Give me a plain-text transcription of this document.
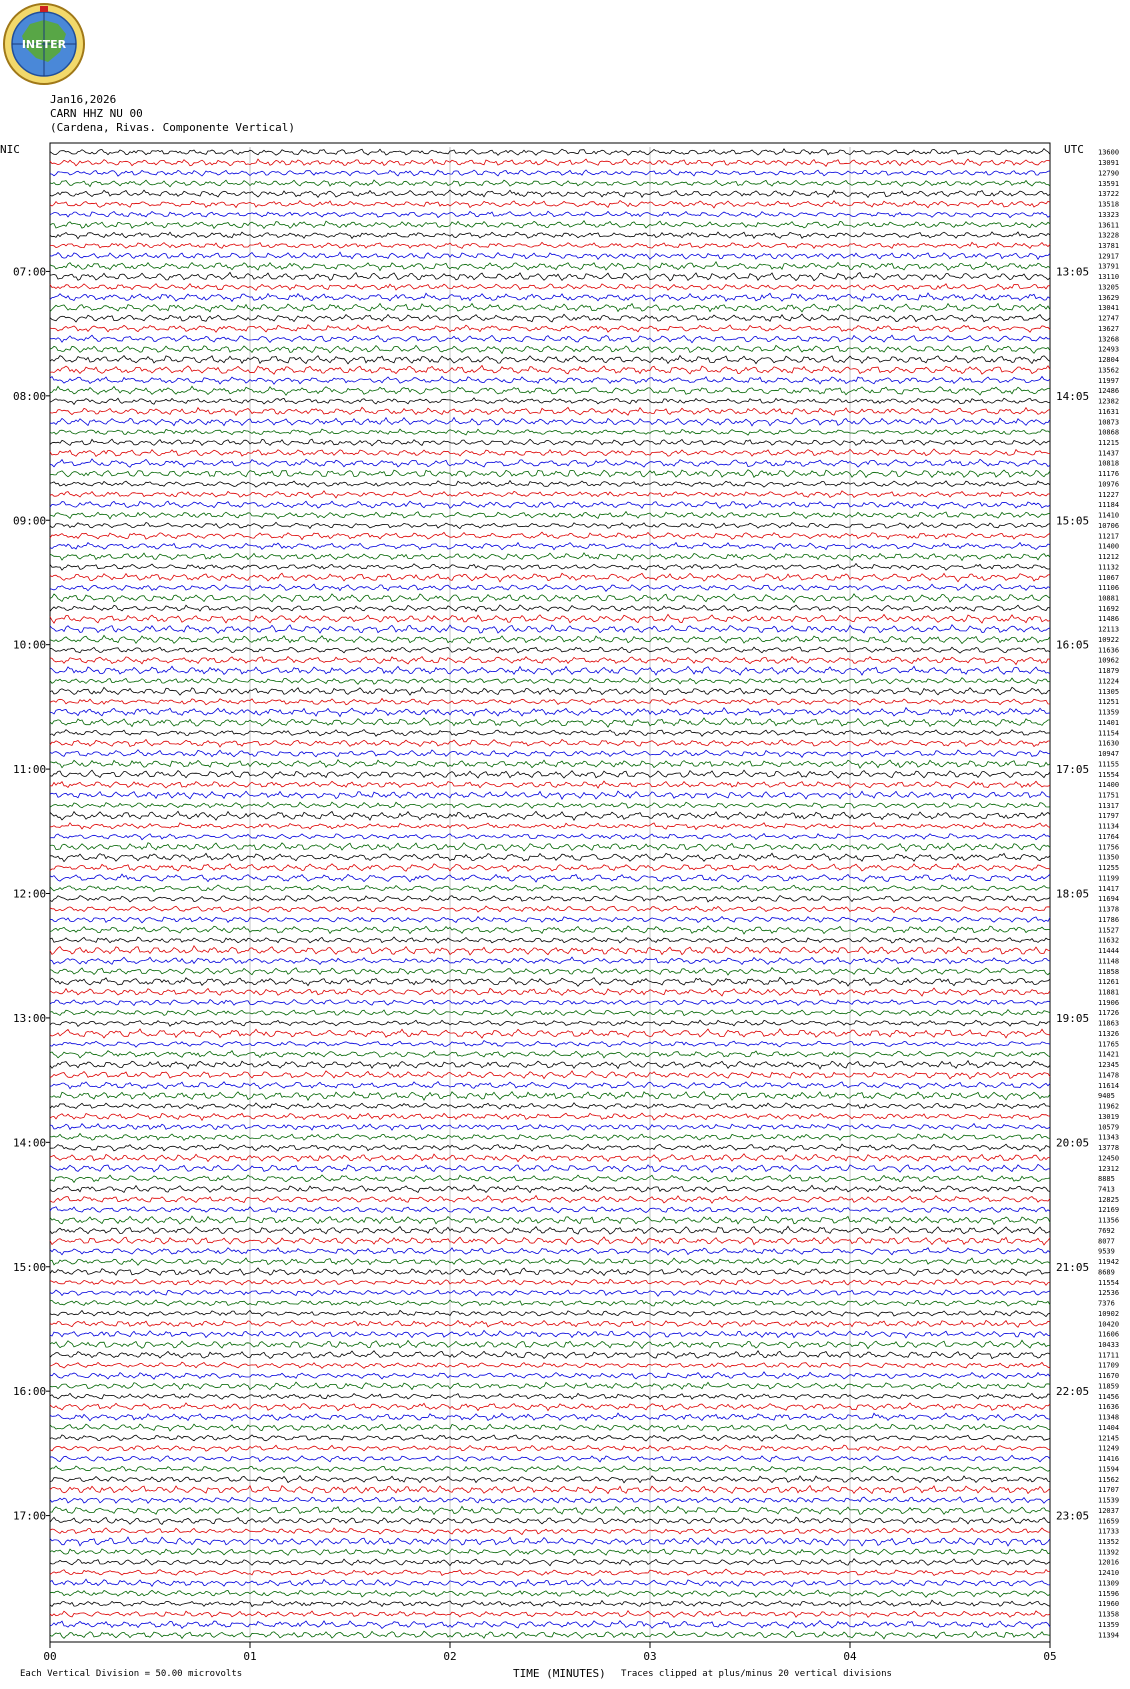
INETER
Jan16,2026
CARN HHZ NU 00
(Cardena, Rivas. Componente Vertical)
00	01	02	03	04	05
13600
13091
12790
13591
13722
13518
13323
13611
13228
13781
12917
13791
13110
13205
13629
13041
12747
13627
13268
12493
12804
13562
11997
12486
12382
11631
10873
10868
11215
11437
10818
11176
10976
11227
11184
11410
10706
11217
11400
11212
11132
11067
11106
10881
11692
11486
12113
10922
11636
10962
11879
11224
11305
11251
11359
11401
11154
11630
10947
11155
11554
11400
11751
11317
11797
11134
11764
11756
11350
11255
11199
11417
11694
11378
11786
11527
11632
11444
11148
11858
11261
11881
11906
11726
11863
11326
11765
11421
12345
11478
11614
9405
11962
13019
10579
11343
13778
12450
12312
8885
7413
12825
12169
11356
7692
8077
9539
11942
8689
11554
12536
7376
10902
10420
11606
10433
11711
11709
11670
11859
11456
11636
11348
11404
12145
11249
11416
11594
11562
11707
11539
12037
11659
11733
11352
11392
12016
12410
11309
11596
11960
11358
11359
11394
NIC	UTC
07:00
08:00
09:00
10:00
11:00
12:00
13:00
14:00
15:00
16:00
17:00
13:05
14:05
15:05
16:05
17:05
18:05
19:05
20:05
21:05
22:05
23:05
Each Vertical Division = 50.00 microvolts	TIME (MINUTES) Traces clipped at plus/minus 20 vertical divisions
